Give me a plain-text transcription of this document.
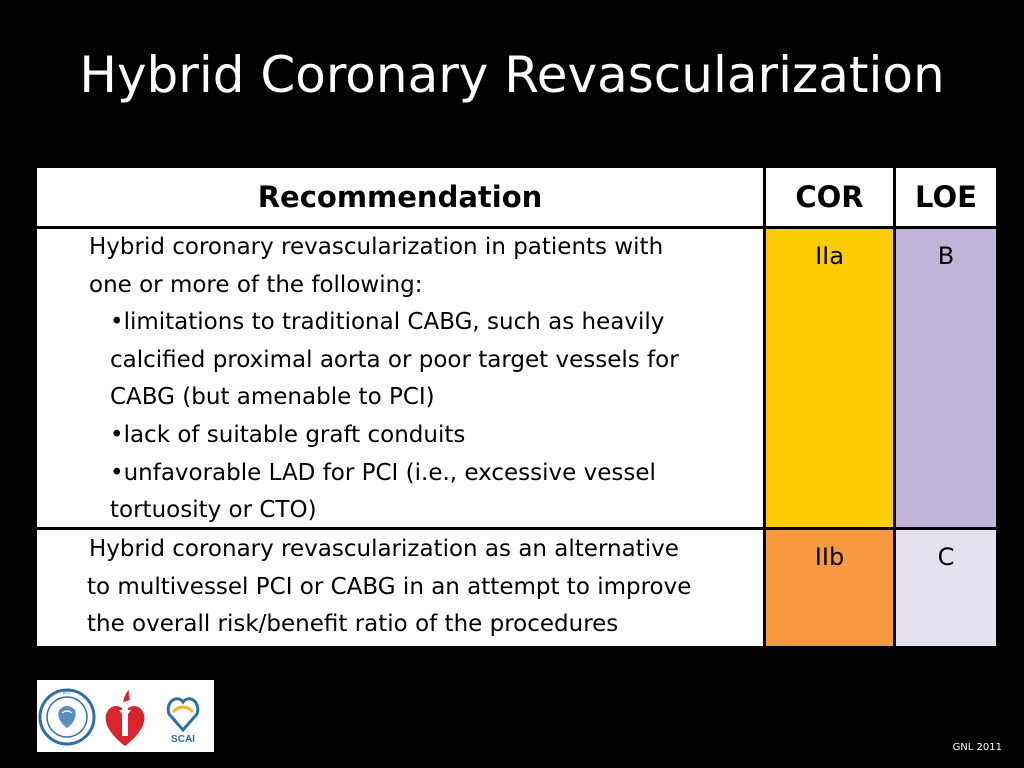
Hybrid Coronary Revascularization
Recommendation	COR	LOE

Hybrid coronary revascularization in patients with

one or more of the following:

•limitations to traditional CABG, such as heavily
calcified proximal aorta or poor target vessels for
CABG (but amenable to PCI)
•lack of suitable graft conduits
•unfavorable LAD for PCI (i.e., excessive vessel
tortuosity or CTO)
IIa	B

Hybrid coronary revascularization as an alternative

to multivessel PCI or CABG in an attempt to improve

the overall risk/benefit ratio of the procedures

IIb	C
ACC
SCAI
GNL 2011
